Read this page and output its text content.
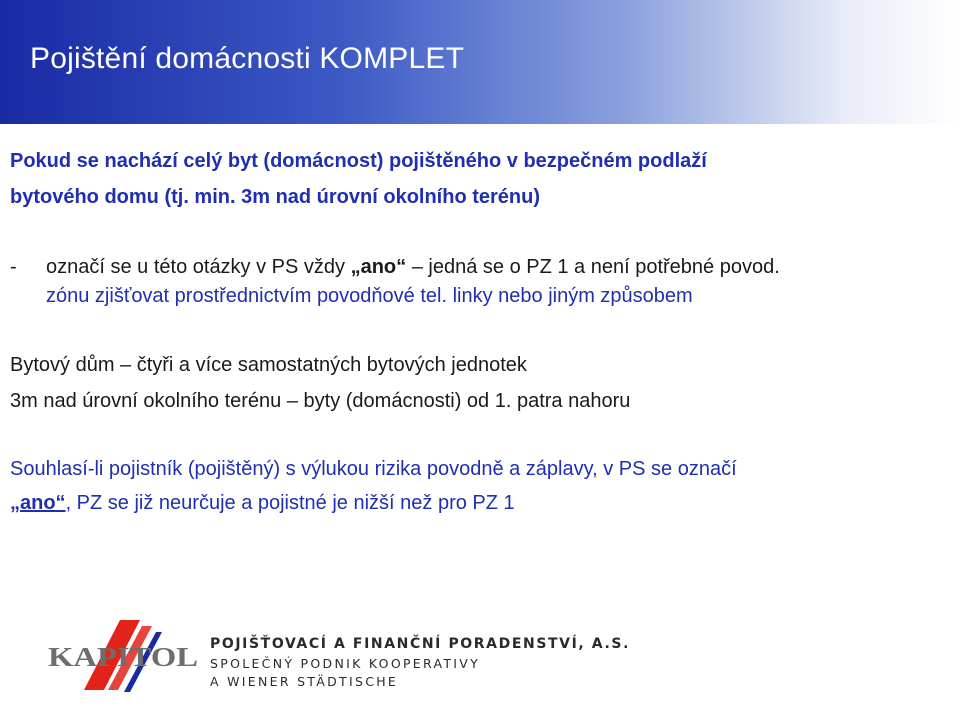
Pojištění domácnosti KOMPLET

Pokud se nachází celý byt (domácnost) pojištěného v bezpečném podlaží

bytového domu (tj. min. 3m nad úrovní okolního terénu)

- označí se u této otázky v PS vždy „ano“ – jedná se o PZ 1 a není potřebné povod.

zónu zjišťovat prostřednictvím povodňové tel. linky nebo jiným způsobem

Bytový dům – čtyři a více samostatných bytových jednotek

3m nad úrovní okolního terénu – byty (domácnosti) od 1. patra nahoru

Souhlasí-li pojistník (pojištěný) s výlukou rizika povodně a záplavy, v PS se označí

„ano“, PZ se již neurčuje a pojistné je nižší než pro PZ 1

KAPITOL POJIŠŤOVACÍ A FINANČNÍ PORADENSTVÍ, A.S.

SPOLEČNÝ PODNIK KOOPERATIVY

A WIENER STÄDTISCHE
